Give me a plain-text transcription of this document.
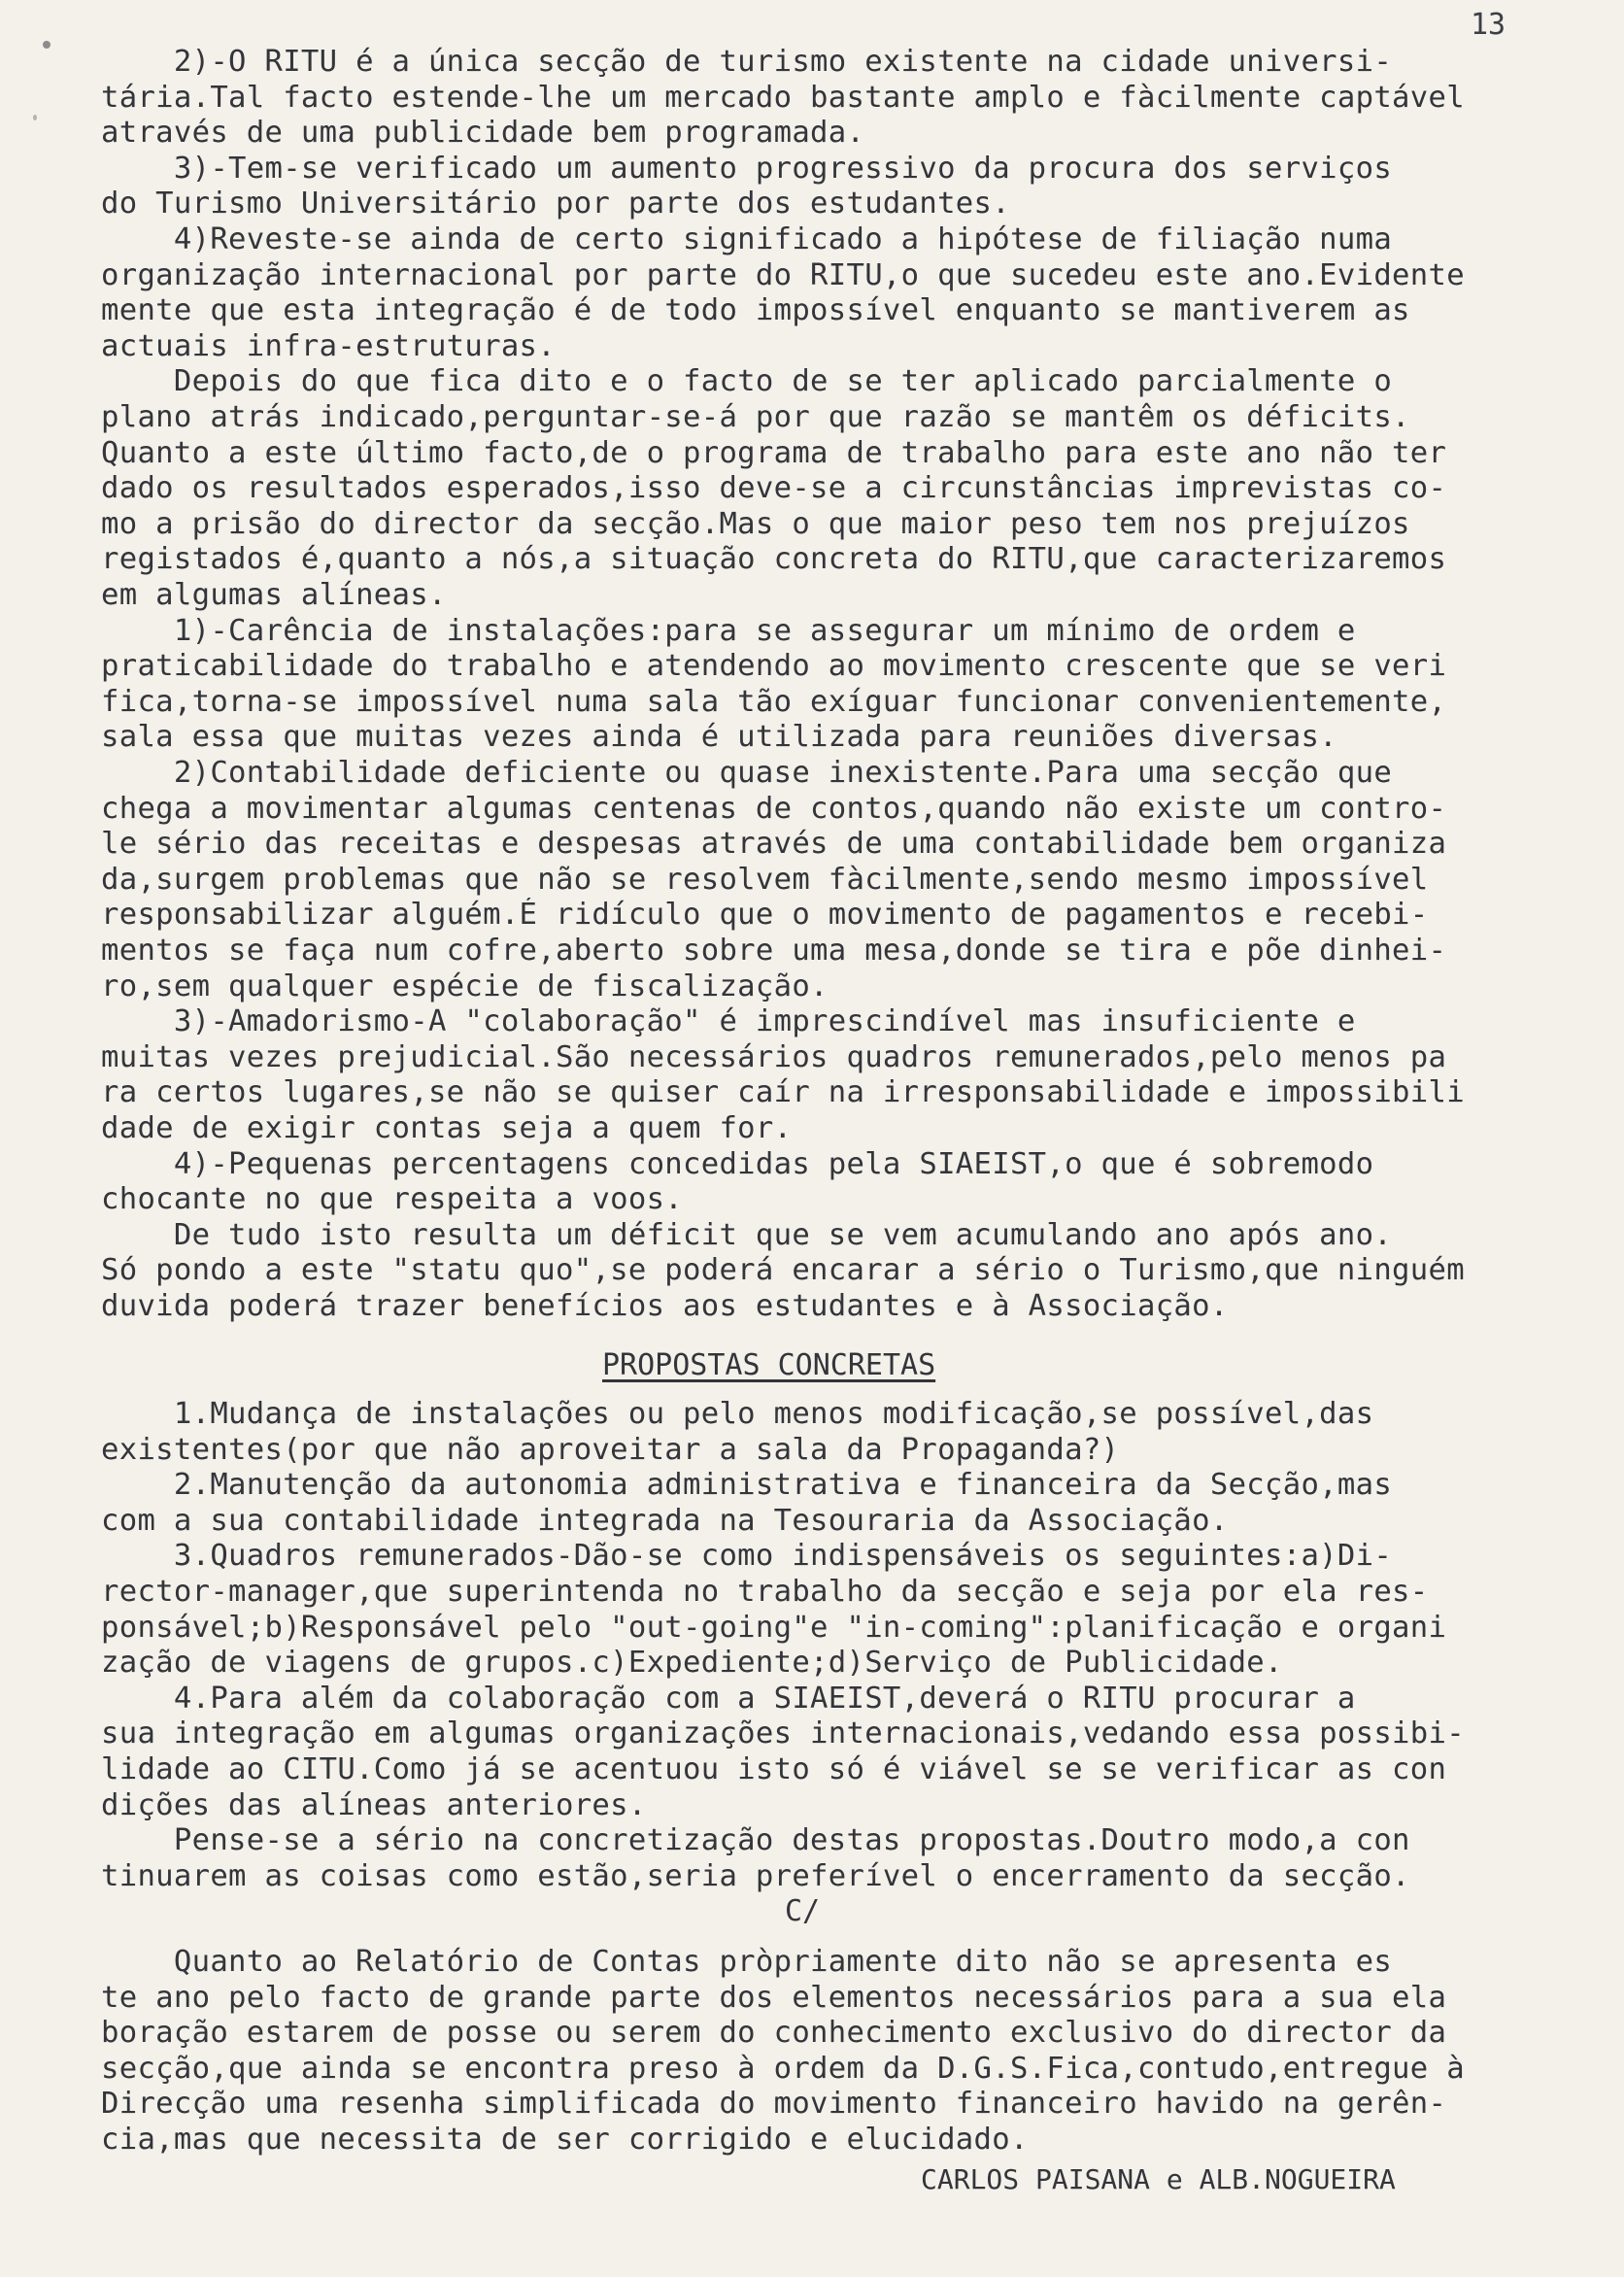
13
2)-O RITU é a única secção de turismo existente na cidade universi-
tária.Tal facto estende-lhe um mercado bastante amplo e fàcilmente captável
através de uma publicidade bem programada.
3)-Tem-se verificado um aumento progressivo da procura dos serviços
do Turismo Universitário por parte dos estudantes.
4)Reveste-se ainda de certo significado a hipótese de filiação numa
organização internacional por parte do RITU,o que sucedeu este ano.Evidente
mente que esta integração é de todo impossível enquanto se mantiverem as
actuais infra-estruturas.
Depois do que fica dito e o facto de se ter aplicado parcialmente o
plano atrás indicado,perguntar-se-á por que razão se mantêm os déficits.
Quanto a este último facto,de o programa de trabalho para este ano não ter
dado os resultados esperados,isso deve-se a circunstâncias imprevistas co-
mo a prisão do director da secção.Mas o que maior peso tem nos prejuízos
registados é,quanto a nós,a situação concreta do RITU,que caracterizaremos
em algumas alíneas.
1)-Carência de instalações:para se assegurar um mínimo de ordem e
praticabilidade do trabalho e atendendo ao movimento crescente que se veri
fica,torna-se impossível numa sala tão exíguar funcionar convenientemente,
sala essa que muitas vezes ainda é utilizada para reuniões diversas.
2)Contabilidade deficiente ou quase inexistente.Para uma secção que
chega a movimentar algumas centenas de contos,quando não existe um contro-
le sério das receitas e despesas através de uma contabilidade bem organiza
da,surgem problemas que não se resolvem fàcilmente,sendo mesmo impossível
responsabilizar alguém.É ridículo que o movimento de pagamentos e recebi-
mentos se faça num cofre,aberto sobre uma mesa,donde se tira e põe dinhei-
ro,sem qualquer espécie de fiscalização.
3)-Amadorismo-A "colaboração" é imprescindível mas insuficiente e
muitas vezes prejudicial.São necessários quadros remunerados,pelo menos pa
ra certos lugares,se não se quiser caír na irresponsabilidade e impossibili
dade de exigir contas seja a quem for.
4)-Pequenas percentagens concedidas pela SIAEIST,o que é sobremodo
chocante no que respeita a voos.
De tudo isto resulta um déficit que se vem acumulando ano após ano.
Só pondo a este "statu quo",se poderá encarar a sério o Turismo,que ninguém
duvida poderá trazer benefícios aos estudantes e à Associação.
PROPOSTAS CONCRETAS
1.Mudança de instalações ou pelo menos modificação,se possível,das
existentes(por que não aproveitar a sala da Propaganda?)
2.Manutenção da autonomia administrativa e financeira da Secção,mas
com a sua contabilidade integrada na Tesouraria da Associação.
3.Quadros remunerados-Dão-se como indispensáveis os seguintes:a)Di-
rector-manager,que superintenda no trabalho da secção e seja por ela res-
ponsável;b)Responsável pelo "out-going"e "in-coming":planificação e organi
zação de viagens de grupos.c)Expediente;d)Serviço de Publicidade.
4.Para além da colaboração com a SIAEIST,deverá o RITU procurar a
sua integração em algumas organizações internacionais,vedando essa possibi-
lidade ao CITU.Como já se acentuou isto só é viável se se verificar as con
dições das alíneas anteriores.
Pense-se a sério na concretização destas propostas.Doutro modo,a con
tinuarem as coisas como estão,seria preferível o encerramento da secção.
C/
Quanto ao Relatório de Contas pròpriamente dito não se apresenta es
te ano pelo facto de grande parte dos elementos necessários para a sua ela
boração estarem de posse ou serem do conhecimento exclusivo do director da
secção,que ainda se encontra preso à ordem da D.G.S.Fica,contudo,entregue à
Direcção uma resenha simplificada do movimento financeiro havido na gerên-
cia,mas que necessita de ser corrigido e elucidado.
CARLOS PAISANA e ALB.NOGUEIRA
